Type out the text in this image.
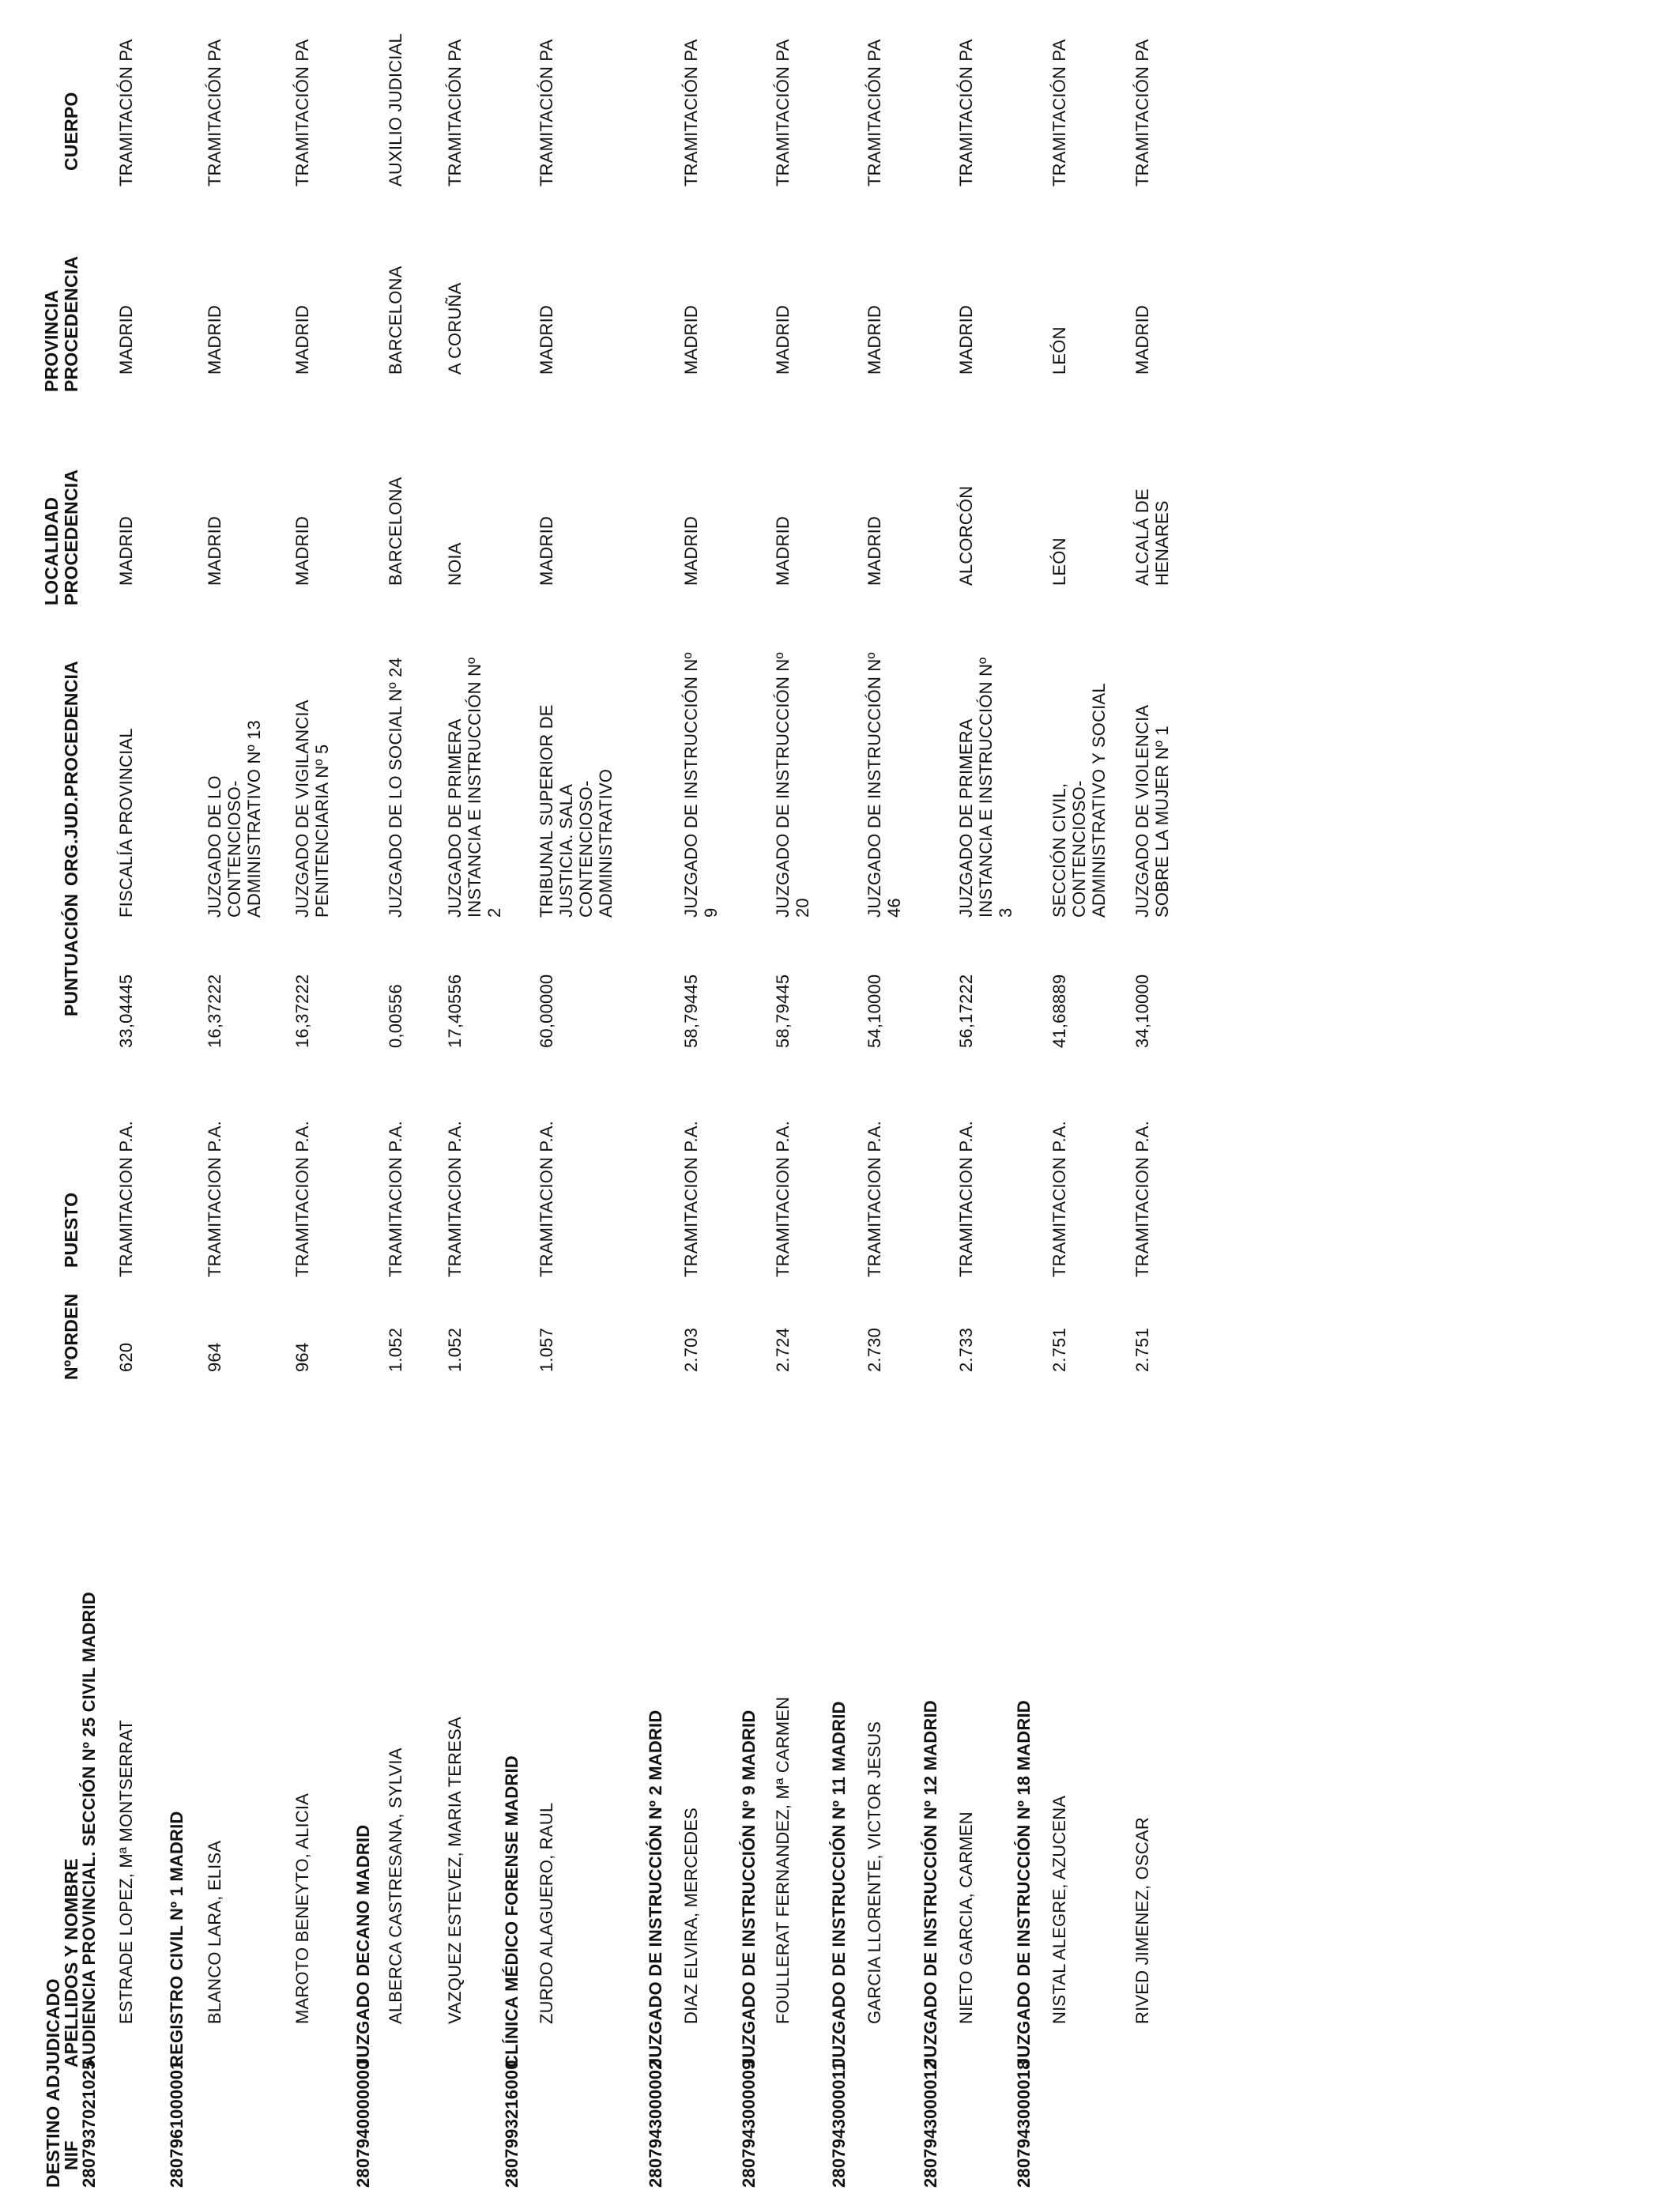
DESTINO ADJUDICADO
NIF
APELLIDOS Y NOMBRE
NºORDEN
PUESTO
PUNTUACIÓN
ORG.JUD.PROCEDENCIA
LOCALIDAD PROCEDENCIA
PROVINCIA PROCEDENCIA
CUERPO
2807937021025
AUDIENCIA PROVINCIAL. SECCIÓN Nº 25 CIVIL MADRID ESTRADE LOPEZ, Mª MONTSERRAT
620
TRAMITACION P.A.
33,04445
FISCALÍA PROVINCIAL
MADRID
MADRID
TRAMITACIÓN PA
2807961000001
REGISTRO CIVIL Nº 1 MADRID BLANCO LARA, ELISA
964
TRAMITACION P.A.
16,37222
JUZGADO DE LO CONTENCIOSO-ADMINISTRATIVO Nº 13
MADRID
MADRID
TRAMITACIÓN PA
MAROTO BENEYTO, ALICIA
964
TRAMITACION P.A.
16,37222
JUZGADO DE VIGILANCIA PENITENCIARIA Nº 5
MADRID
MADRID
TRAMITACIÓN PA
2807940000000
JUZGADO DECANO MADRID ALBERCA CASTRESANA, SYLVIA
1.052
TRAMITACION P.A.
0,00556
JUZGADO DE LO SOCIAL Nº 24
BARCELONA
BARCELONA
AUXILIO JUDICIAL
VAZQUEZ ESTEVEZ, MARIA TERESA
1.052
TRAMITACION P.A.
17,40556
JUZGADO DE PRIMERA INSTANCIA E INSTRUCCIÓN Nº 2
NOIA
A CORUÑA
TRAMITACIÓN PA
2807993216000
CLÍNICA MÉDICO FORENSE MADRID ZURDO ALAGUERO, RAUL
1.057
TRAMITACION P.A.
60,00000
TRIBUNAL SUPERIOR DE JUSTICIA. SALA CONTENCIOSO-ADMINISTRATIVO
MADRID
MADRID
TRAMITACIÓN PA
2807943000002
JUZGADO DE INSTRUCCIÓN Nº 2 MADRID DIAZ ELVIRA, MERCEDES
2.703
TRAMITACION P.A.
58,79445
JUZGADO DE INSTRUCCIÓN Nº 9
MADRID
MADRID
TRAMITACIÓN PA
2807943000009
JUZGADO DE INSTRUCCIÓN Nº 9 MADRID FOULLERAT FERNANDEZ, Mª CARMEN
2.724
TRAMITACION P.A.
58,79445
JUZGADO DE INSTRUCCIÓN Nº 20
MADRID
MADRID
TRAMITACIÓN PA
2807943000011
JUZGADO DE INSTRUCCIÓN Nº 11 MADRID GARCIA LLORENTE, VICTOR JESUS
2.730
TRAMITACION P.A.
54,10000
JUZGADO DE INSTRUCCIÓN Nº 46
MADRID
MADRID
TRAMITACIÓN PA
2807943000012
JUZGADO DE INSTRUCCIÓN Nº 12 MADRID NIETO GARCIA, CARMEN
2.733
TRAMITACION P.A.
56,17222
JUZGADO DE PRIMERA INSTANCIA E INSTRUCCIÓN Nº 3
ALCORCÓN
MADRID
TRAMITACIÓN PA
2807943000018
JUZGADO DE INSTRUCCIÓN Nº 18 MADRID NISTAL ALEGRE, AZUCENA
2.751
TRAMITACION P.A.
41,68889
SECCIÓN CIVIL, CONTENCIOSO-ADMINISTRATIVO Y SOCIAL
LEÓN
LEÓN
TRAMITACIÓN PA
RIVED JIMENEZ, OSCAR
2.751
TRAMITACION P.A.
34,10000
JUZGADO DE VIOLENCIA SOBRE LA MUJER Nº 1
ALCALÁ DE HENARES
MADRID
TRAMITACIÓN PA
